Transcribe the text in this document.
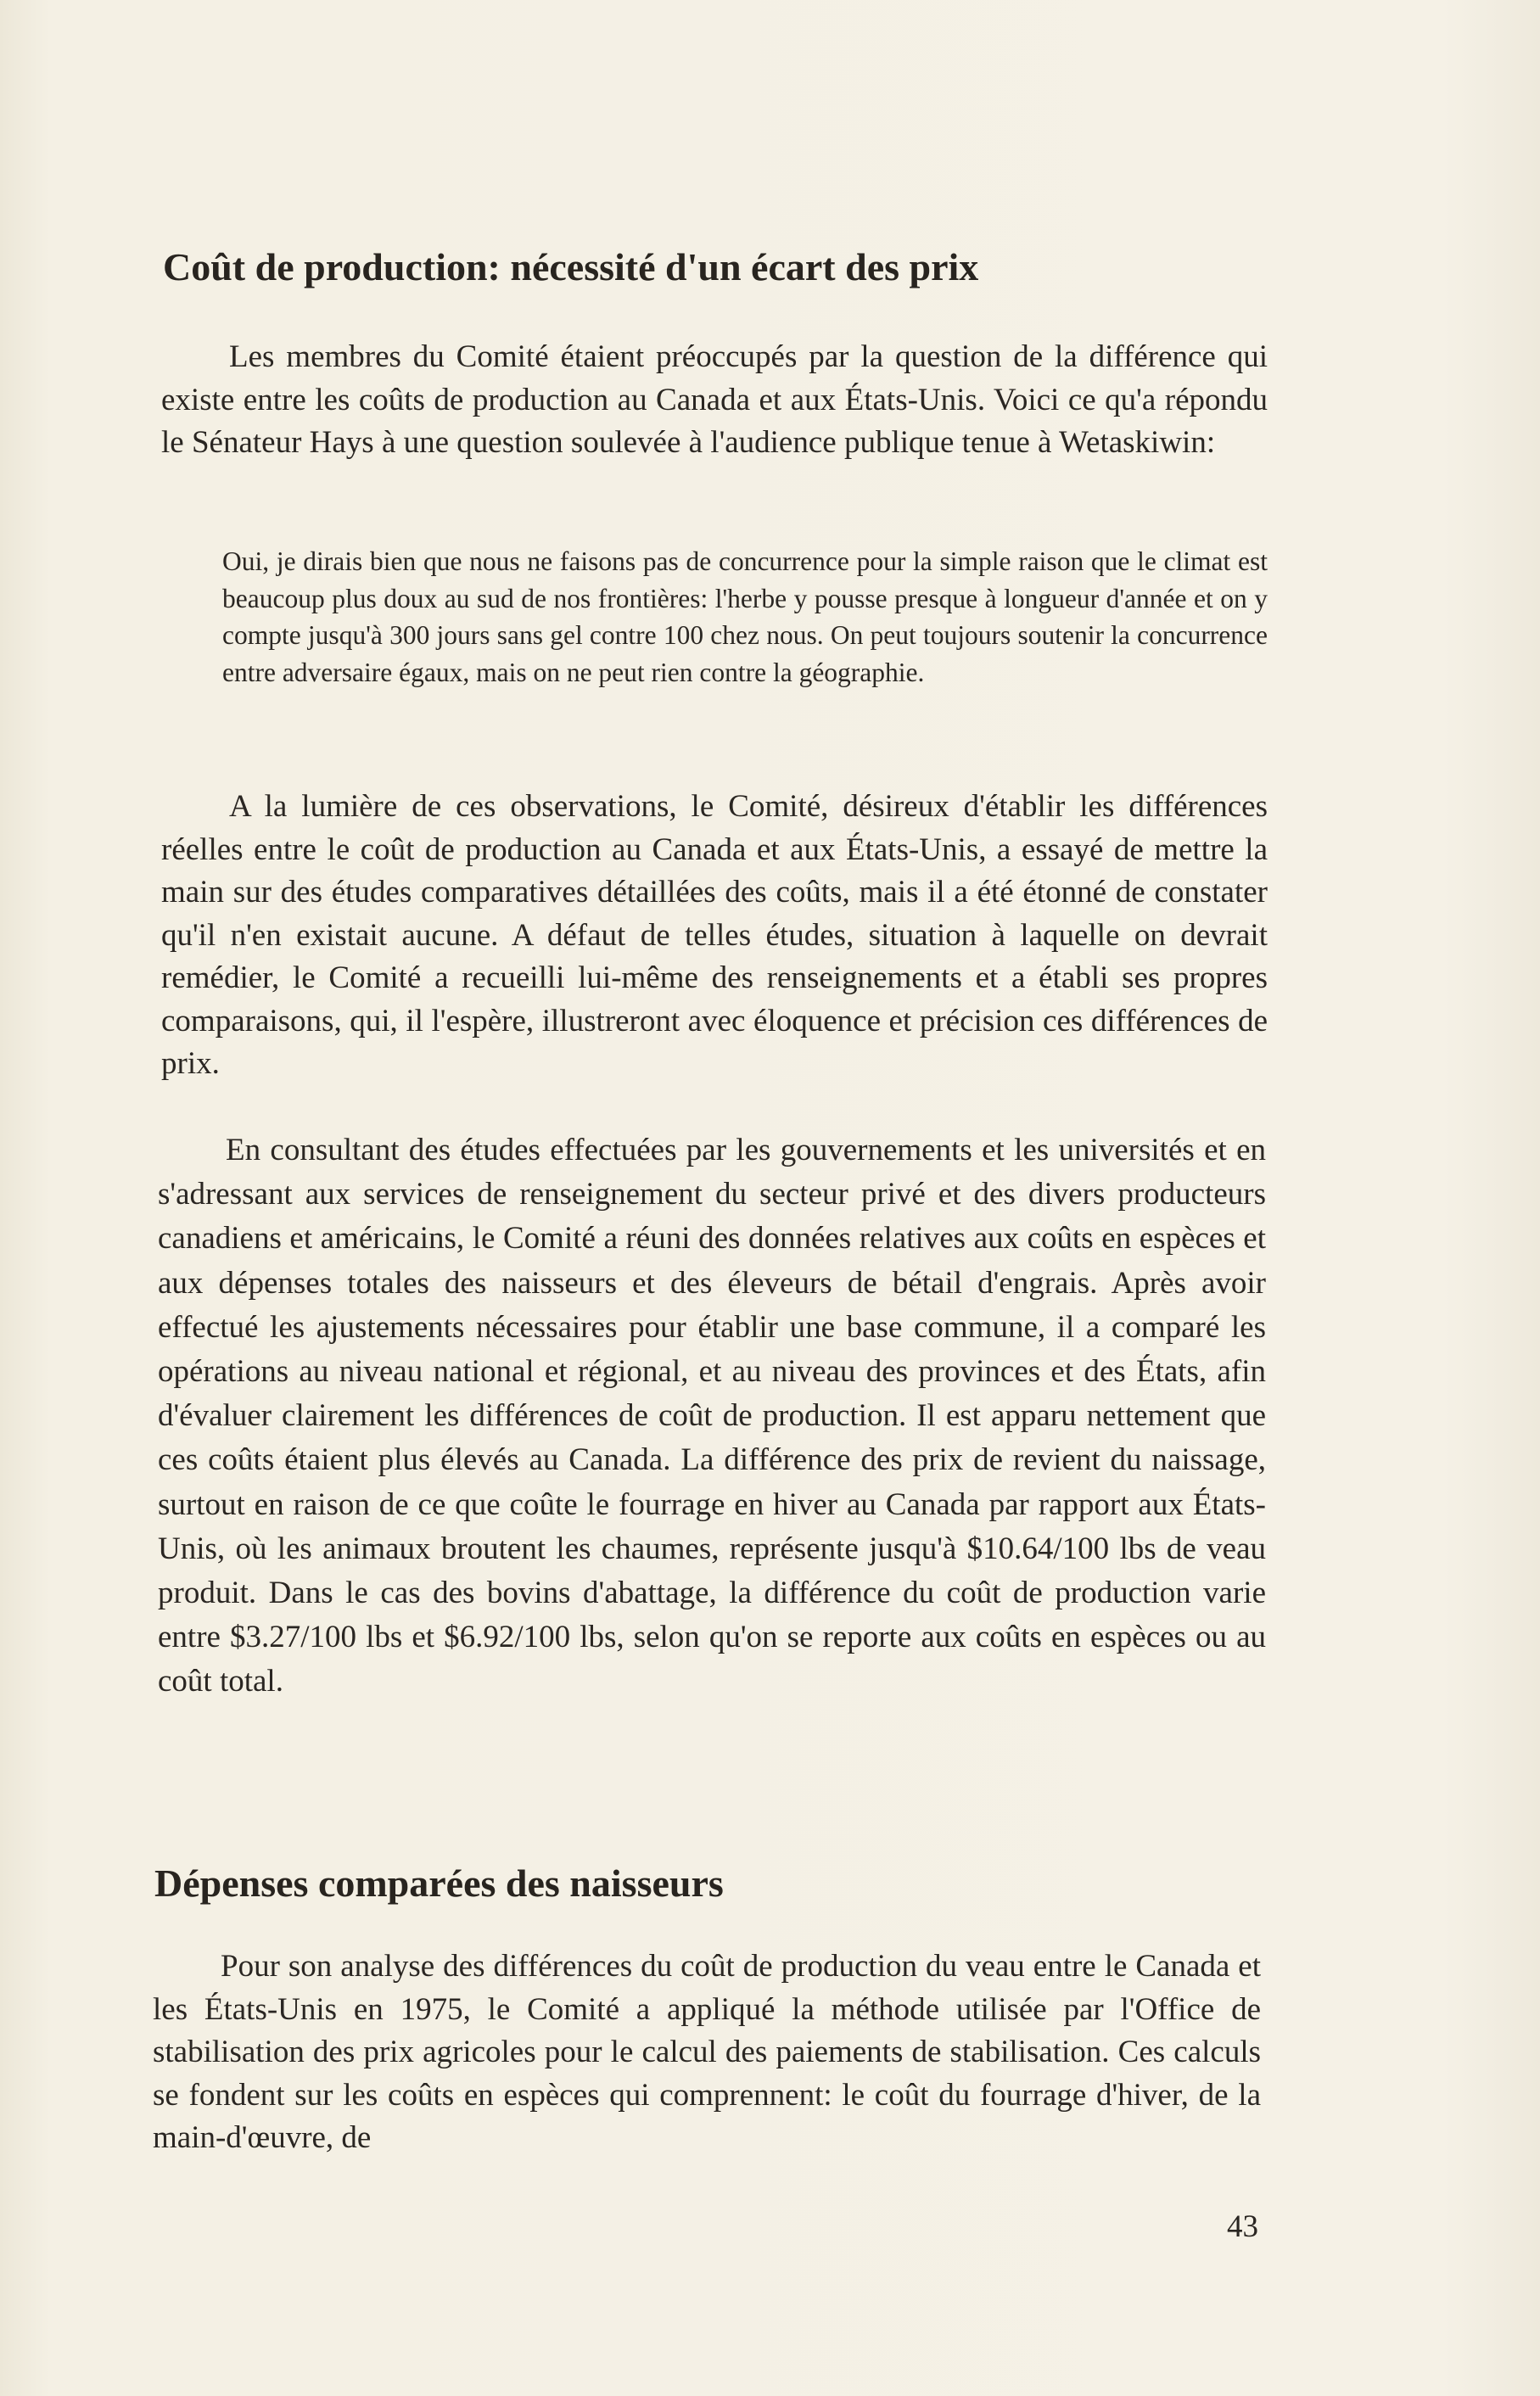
Coût de production: nécessité d'un écart des prix

Les membres du Comité étaient préoccupés par la question de la différence qui existe entre les coûts de production au Canada et aux États-Unis. Voici ce qu'a répondu le Sénateur Hays à une question soulevée à l'audience publique tenue à Wetaskiwin:

Oui, je dirais bien que nous ne faisons pas de concurrence pour la simple raison que le climat est beaucoup plus doux au sud de nos frontières: l'herbe y pousse presque à longueur d'année et on y compte jusqu'à 300 jours sans gel contre 100 chez nous. On peut toujours soutenir la concurrence entre adversaire égaux, mais on ne peut rien contre la géographie.

A la lumière de ces observations, le Comité, désireux d'établir les différences réelles entre le coût de production au Canada et aux États-Unis, a essayé de mettre la main sur des études comparatives détaillées des coûts, mais il a été étonné de constater qu'il n'en existait aucune. A défaut de telles études, situation à laquelle on devrait remédier, le Comité a recueilli lui-même des renseignements et a établi ses propres comparaisons, qui, il l'espère, illustreront avec éloquence et précision ces différences de prix.

En consultant des études effectuées par les gouvernements et les universités et en s'adressant aux services de renseignement du secteur privé et des divers producteurs canadiens et américains, le Comité a réuni des données relatives aux coûts en espèces et aux dépenses totales des naisseurs et des éleveurs de bétail d'engrais. Après avoir effectué les ajustements nécessaires pour établir une base commune, il a comparé les opérations au niveau national et régional, et au niveau des provinces et des États, afin d'évaluer clairement les différences de coût de production. Il est apparu nettement que ces coûts étaient plus élevés au Canada. La différence des prix de revient du naissage, surtout en raison de ce que coûte le fourrage en hiver au Canada par rapport aux États-Unis, où les animaux broutent les chaumes, représente jusqu'à $10.64/100 lbs de veau produit. Dans le cas des bovins d'abattage, la différence du coût de production varie entre $3.27/100 lbs et $6.92/100 lbs, selon qu'on se reporte aux coûts en espèces ou au coût total.

Dépenses comparées des naisseurs

Pour son analyse des différences du coût de production du veau entre le Canada et les États-Unis en 1975, le Comité a appliqué la méthode utilisée par l'Office de stabilisation des prix agricoles pour le calcul des paiements de stabilisation. Ces calculs se fondent sur les coûts en espèces qui comprennent: le coût du fourrage d'hiver, de la main-d'œuvre, de

43
